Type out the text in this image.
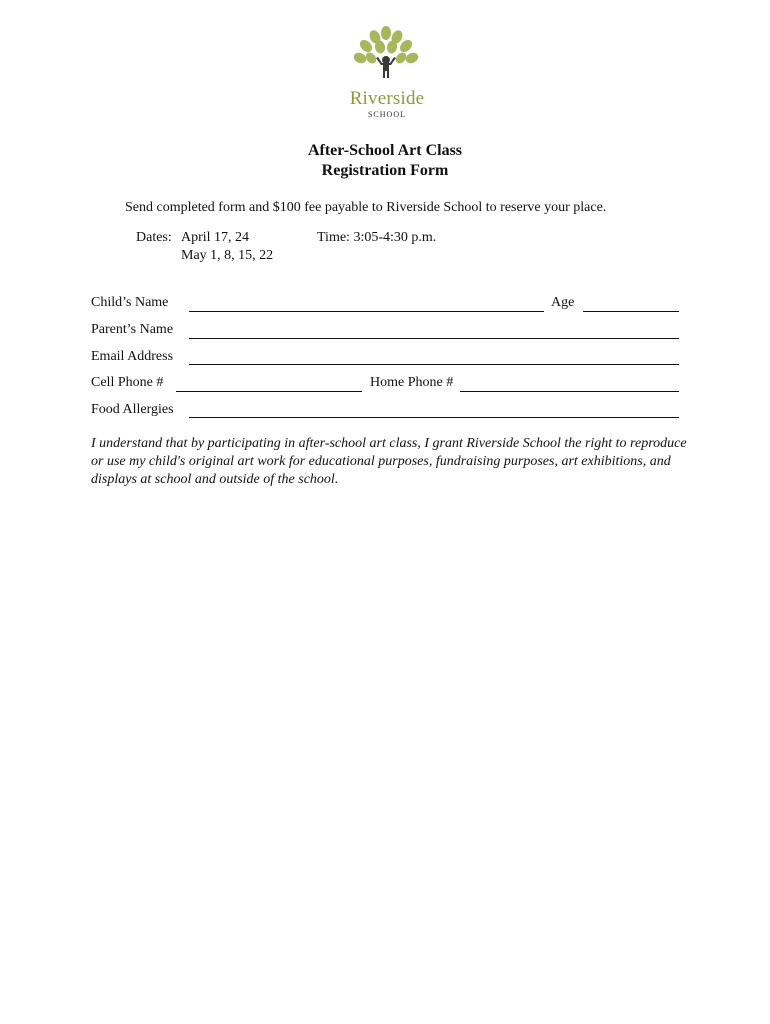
Riverside
SCHOOL
After-School Art Class
Registration Form
Send completed form and $100 fee payable to Riverside School to reserve your place.
Dates: April 17, 24
May 1, 8, 15, 22
Time: 3:05-4:30 p.m.
Child’s Name	Age
Parent’s Name
Email Address
Cell Phone #	Home Phone #
Food Allergies
I understand that by participating in after-school art class, I grant Riverside School the right to reproduce or use my child's original art work for educational purposes, fundraising purposes, art exhibitions, and displays at school and outside of the school.
